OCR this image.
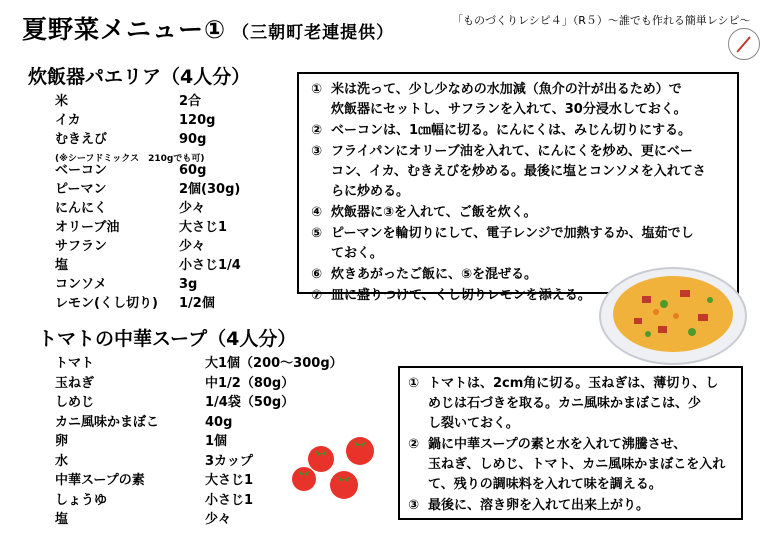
夏野菜メニュー① （三朝町老連提供）
「ものづくりレシピ４」（R５）～誰でも作れる簡単レシピ～
炊飯器パエリア（4人分）
米	2合
イカ	120g
むきえび	90g
ベーコン	60g
ピーマン	2個(30g)
にんにく	少々
オリーブ油	大さじ1
サフラン	少々
塩	小さじ1/4
コンソメ	3g
レモン(くし切り) 1/2個
(※シーフドミックス　210gでも可)
① 米は洗って、少し少なめの水加減（魚介の汁が出るため）で
炊飯器にセットし、サフランを入れて、30分浸水しておく。
② ベーコンは、1㎝幅に切る。にんにくは、みじん切りにする。
③ フライパンにオリーブ油を入れて、にんにくを炒め、更にベー
コン、イカ、むきえびを炒める。最後に塩とコンソメを入れてさ
らに炒める。
④ 炊飯器に③を入れて、ご飯を炊く。
⑤ ピーマンを輪切りにして、電子レンジで加熱するか、塩茹でし
ておく。
⑥ 炊きあがったご飯に、⑤を混ぜる。
⑦ 皿に盛りつけて、くし切りレモンを添える。
トマトの中華スープ（4人分）
トマト	大1個（200～300g）
玉ねぎ	中1/2（80g）
しめじ	1/4袋（50g）
カニ風味かまぼこ	40g
卵	1個
水	3カップ
中華スープの素	大さじ1
しょうゆ	小さじ1
塩	少々
① トマトは、2cm角に切る。玉ねぎは、薄切り、し
めじは石づきを取る。カニ風味かまぼこは、少
し裂いておく。
② 鍋に中華スープの素と水を入れて沸騰させ、
玉ねぎ、しめじ、トマト、カニ風味かまぼこを入れ
て、残りの調味料を入れて味を調える。
③ 最後に、溶き卵を入れて出来上がり。
